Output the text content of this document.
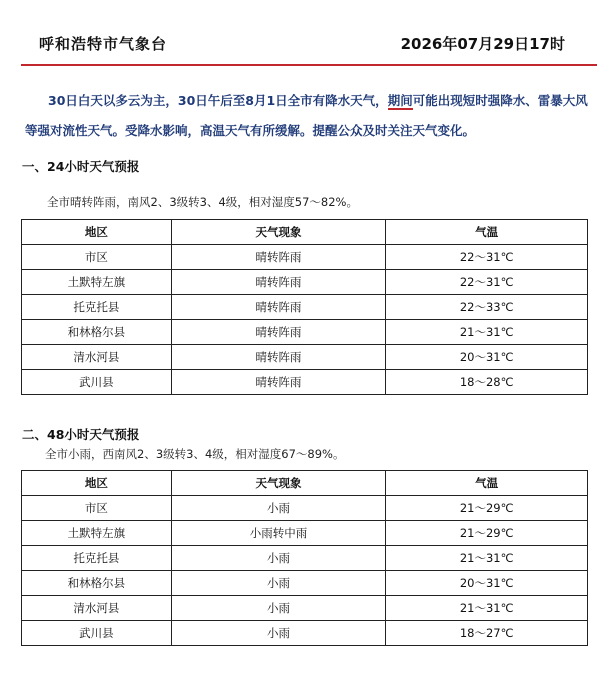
呼和浩特市气象台	2026年07月29日17时
30日白天以多云为主，30日午后至8月1日全市有降水天气，期间可能出现短时强降水、雷暴大风等强对流性天气。受降水影响，高温天气有所缓解。提醒公众及时关注天气变化。
一、24小时天气预报
全市晴转阵雨，南风2、3级转3、4级，相对湿度57～82%。
地区	天气现象	气温
市区	晴转阵雨	22～31℃
土默特左旗	晴转阵雨	22～31℃
托克托县	晴转阵雨	22～33℃
和林格尔县	晴转阵雨	21～31℃
清水河县	晴转阵雨	20～31℃
武川县	晴转阵雨	18～28℃
二、48小时天气预报
全市小雨，西南风2、3级转3、4级，相对湿度67～89%。
地区	天气现象	气温
市区	小雨	21～29℃
土默特左旗	小雨转中雨	21～29℃
托克托县	小雨	21～31℃
和林格尔县	小雨	20～31℃
清水河县	小雨	21～31℃
武川县	小雨	18～27℃
